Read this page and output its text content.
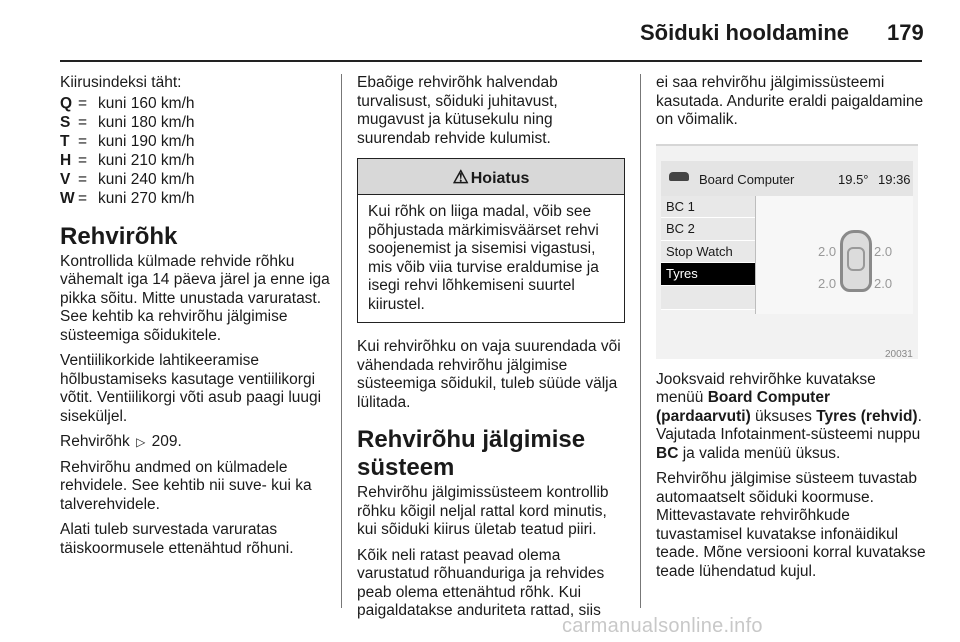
Sõiduki hooldamine 179
Kiirusindeksi täht:
Q = kuni 160 km/h
S = kuni 180 km/h
T = kuni 190 km/h
H = kuni 210 km/h
V = kuni 240 km/h
W = kuni 270 km/h
Rehvirõhk
Kontrollida külmade rehvide rõhku vähemalt iga 14 päeva järel ja enne iga pikka sõitu. Mitte unustada varuratast. See kehtib ka rehvirõhu jälgimise süsteemiga sõidukitele.
Ventiilikorkide lahtikeeramise hõlbustamiseks kasutage ventiilikorgi võtit. Ventiilikorgi võti asub paagi luugi siseküljel.
Rehvirõhk ▷ 209.
Rehvirõhu andmed on külmadele rehvidele. See kehtib nii suve- kui ka talverehvidele.
Alati tuleb survestada varuratas täiskoormusele ettenähtud rõhuni.
Ebaõige rehvirõhk halvendab turvalisust, sõiduki juhitavust, mugavust ja kütusekulu ning suurendab rehvide kulumist.
⚠ Hoiatus
Kui rõhk on liiga madal, võib see põhjustada märkimisväärset rehvi soojenemist ja sisemisi vigastusi, mis võib viia turvise eraldumise ja isegi rehvi lõhkemiseni suurtel kiirustel.
Kui rehvirõhku on vaja suurendada või vähendada rehvirõhu jälgimise süsteemiga sõidukil, tuleb süüde välja lülitada.
Rehvirõhu jälgimise süsteem
Rehvirõhu jälgimissüsteem kontrollib rõhku kõigil neljal rattal kord minutis, kui sõiduki kiirus ületab teatud piiri.
Kõik neli ratast peavad olema varustatud rõhuanduriga ja rehvides peab olema ettenähtud rõhk. Kui paigaldatakse anduriteta rattad, siis
ei saa rehvirõhu jälgimissüsteemi kasutada. Andurite eraldi paigaldamine on võimalik.
Board Computer	19.5° 19:36
BC 1
BC 2
Stop Watch
Tyres
2.0	2.0
2.0	2.0
20031
Jooksvaid rehvirõhke kuvatakse menüü Board Computer (pardaarvuti) üksuses Tyres (rehvid). Vajutada Infotainment-süsteemi nuppu BC ja valida menüü üksus.
Rehvirõhu jälgimise süsteem tuvastab automaatselt sõiduki koormuse. Mittevastavate rehvirõhkude tuvastamisel kuvatakse infonäidikul teade. Mõne versiooni korral kuvatakse teade lühendatud kujul.
carmanualsonline.info
